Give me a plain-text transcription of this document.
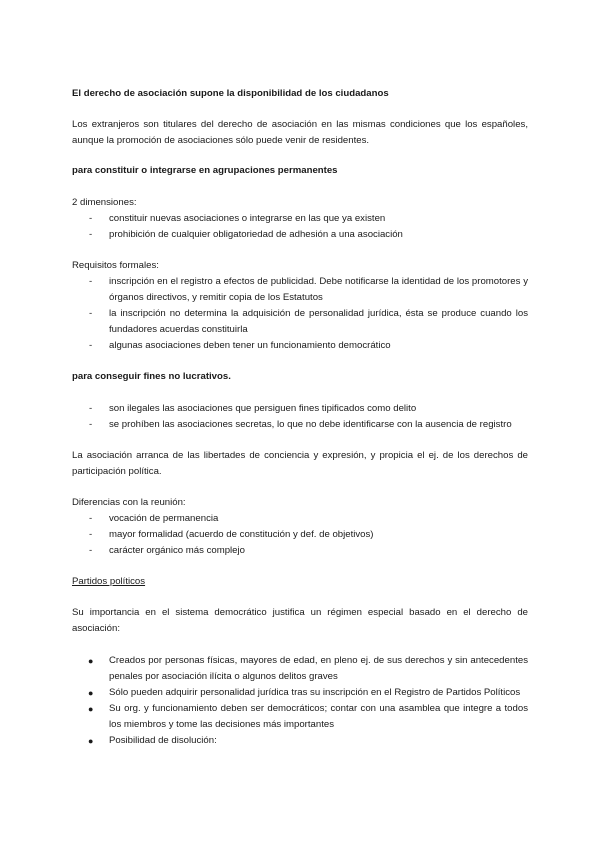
El derecho de asociación supone la disponibilidad de los ciudadanos

Los extranjeros son titulares del derecho de asociación en las mismas condiciones que los españoles, aunque la promoción de asociaciones sólo puede venir de residentes.

para constituir o integrarse en agrupaciones permanentes

2 dimensiones:

- constituir nuevas asociaciones o integrarse en las que ya existen
- prohibición de cualquier obligatoriedad de adhesión a una asociación

Requisitos formales:

- inscripción en el registro a efectos de publicidad. Debe notificarse la identidad de los promotores y órganos directivos, y remitir copia de los Estatutos
- la inscripción no determina la adquisición de personalidad jurídica, ésta se produce cuando los fundadores acuerdas constituirla
- algunas asociaciones deben tener un funcionamiento democrático

para conseguir fines no lucrativos.

- son ilegales las asociaciones que persiguen fines tipificados como delito
- se prohíben las asociaciones secretas, lo que no debe identificarse con la ausencia de registro

La asociación arranca de las libertades de conciencia y expresión, y propicia el ej. de los derechos de participación política.

Diferencias con la reunión:

- vocación de permanencia
- mayor formalidad (acuerdo de constitución y def. de objetivos)
- carácter orgánico más complejo

Partidos políticos

Su importancia en el sistema democrático justifica un régimen especial basado en el derecho de asociación:

● Creados por personas físicas, mayores de edad, en pleno ej. de sus derechos y sin antecedentes penales por asociación ilícita o algunos delitos graves
● Sólo pueden adquirir personalidad jurídica tras su inscripción en el Registro de Partidos Políticos
● Su org. y funcionamiento deben ser democráticos; contar con una asamblea que integre a todos los miembros y tome las decisiones más importantes
● Posibilidad de disolución:
